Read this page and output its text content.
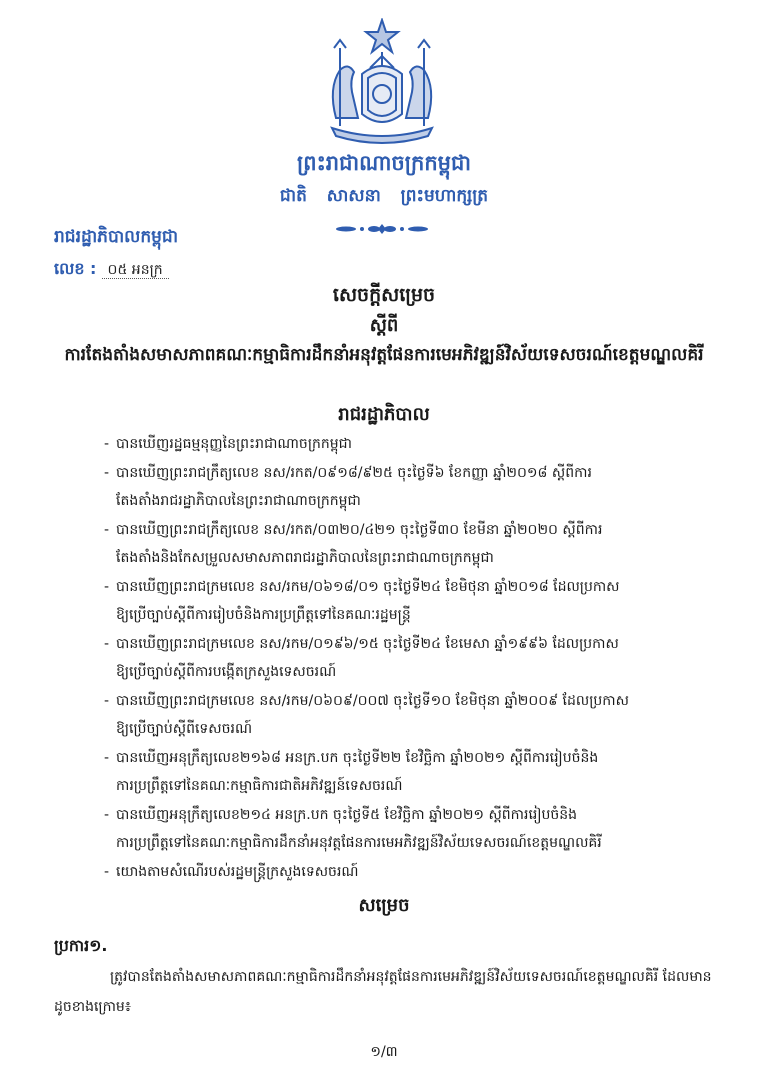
ព្រះរាជាណាចក្រកម្ពុជា
ជាតិ សាសនា ព្រះមហាក្សត្រ
រាជរដ្ឋាភិបាលកម្ពុជា
លេខ : ០៥ អនក្រ
សេចក្ដីសម្រេច
ស្ដីពី
ការតែងតាំងសមាសភាពគណៈកម្មាធិការដឹកនាំអនុវត្តផែនការមេអភិវឌ្ឍន៍វិស័យទេសចរណ៍ខេត្តមណ្ឌលគិរី
រាជរដ្ឋាភិបាល
- បានឃើញរដ្ឋធម្មនុញ្ញនៃព្រះរាជាណាចក្រកម្ពុជា
- បានឃើញព្រះរាជក្រឹត្យលេខ នស/រកត/០៩១៨/៩២៥ ចុះថ្ងៃទី៦ ខែកញ្ញា ឆ្នាំ២០១៨ ស្ដីពីការ
តែងតាំងរាជរដ្ឋាភិបាលនៃព្រះរាជាណាចក្រកម្ពុជា
- បានឃើញព្រះរាជក្រឹត្យលេខ នស/រកត/០៣២០/៤២១ ចុះថ្ងៃទី៣០ ខែមីនា ឆ្នាំ២០២០ ស្ដីពីការ
តែងតាំងនិងកែសម្រួលសមាសភាពរាជរដ្ឋាភិបាលនៃព្រះរាជាណាចក្រកម្ពុជា
- បានឃើញព្រះរាជក្រមលេខ នស/រកម/០៦១៨/០១ ចុះថ្ងៃទី២៤ ខែមិថុនា ឆ្នាំ២០១៨ ដែលប្រកាស
ឱ្យប្រើច្បាប់ស្ដីពីការរៀបចំនិងការប្រព្រឹត្តទៅនៃគណៈរដ្ឋមន្ត្រី
- បានឃើញព្រះរាជក្រមលេខ នស/រកម/០១៩៦/១៥ ចុះថ្ងៃទី២៤ ខែមេសា ឆ្នាំ១៩៩៦ ដែលប្រកាស
ឱ្យប្រើច្បាប់ស្ដីពីការបង្កើតក្រសួងទេសចរណ៍
- បានឃើញព្រះរាជក្រមលេខ នស/រកម/០៦០៩/០០៧ ចុះថ្ងៃទី១០ ខែមិថុនា ឆ្នាំ២០០៩ ដែលប្រកាស
ឱ្យប្រើច្បាប់ស្ដីពីទេសចរណ៍
- បានឃើញអនុក្រឹត្យលេខ២១៦៨ អនក្រ.បក ចុះថ្ងៃទី២២ ខែវិច្ឆិកា ឆ្នាំ២០២១ ស្ដីពីការរៀបចំនិង
ការប្រព្រឹត្តទៅនៃគណៈកម្មាធិការជាតិអភិវឌ្ឍន៍ទេសចរណ៍
- បានឃើញអនុក្រឹត្យលេខ២១៤ អនក្រ.បក ចុះថ្ងៃទី៥ ខែវិច្ឆិកា ឆ្នាំ២០២១ ស្ដីពីការរៀបចំនិង
ការប្រព្រឹត្តទៅនៃគណៈកម្មាធិការដឹកនាំអនុវត្តផែនការមេអភិវឌ្ឍន៍វិស័យទេសចរណ៍ខេត្តមណ្ឌលគិរី
- យោងតាមសំណើរបស់រដ្ឋមន្ត្រីក្រសួងទេសចរណ៍
សម្រេច
ប្រការ១.
ត្រូវបានតែងតាំងសមាសភាពគណៈកម្មាធិការដឹកនាំអនុវត្តផែនការមេអភិវឌ្ឍន៍វិស័យទេសចរណ៍ខេត្តមណ្ឌលគិរី ដែលមានដូចខាងក្រោម៖
១/៣
